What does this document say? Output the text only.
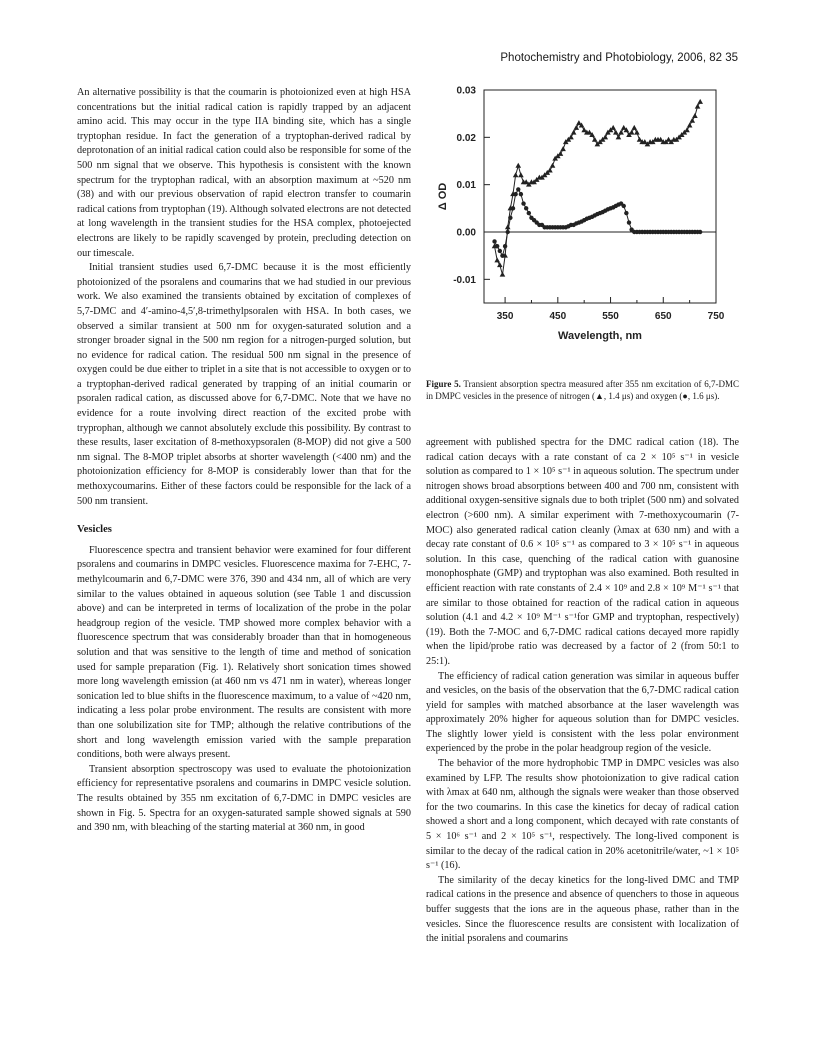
Photochemistry and Photobiology, 2006, 82 35

An alternative possibility is that the coumarin is photoionized even at high HSA concentrations but the initial radical cation is rapidly trapped by an adjacent amino acid. This may occur in the type IIA binding site, which has a single tryptophan residue. In fact the generation of a tryptophan-derived radical by deprotonation of an initial radical cation could also be responsible for some of the 500 nm signal that we observe. This hypothesis is consistent with the known spectrum for the tryptophan radical, with an absorption maximum at ~520 nm (38) and with our previous observation of rapid electron transfer to coumarin radical cations from tryptophan (19). Although solvated electrons are not detected at long wavelength in the transient studies for the HSA complex, photoejected electrons are likely to be rapidly scavenged by protein, precluding detection on our timescale.

Initial transient studies used 6,7-DMC because it is the most efficiently photoionized of the psoralens and coumarins that we had studied in our previous work. We also examined the transients obtained by excitation of complexes of 5,7-DMC and 4′-amino-4,5′,8-trimethylpsoralen with HSA. In both cases, we observed a similar transient at 500 nm for oxygen-saturated solution and a stronger broader signal in the 500 nm region for a nitrogen-purged solution, but no evidence for radical cation. The residual 500 nm signal in the presence of oxygen could be due either to triplet in a site that is not accessible to oxygen or to a tryptophan-derived radical generated by trapping of an initial coumarin or psoralen radical cation, as discussed above for 6,7-DMC. Note that we have no evidence for a route involving direct reaction of the excited probe with tryprophan, although we cannot absolutely exclude this possibility. By contrast to these results, laser excitation of 8-methoxypsoralen (8-MOP) did not give a 500 nm signal. The 8-MOP triplet absorbs at shorter wavelength (<400 nm) and the photoionization efficiency for 8-MOP is considerably lower than that for the methoxycoumarins. Either of these factors could be responsible for the lack of a 500 nm transient.

Vesicles

Fluorescence spectra and transient behavior were examined for four different psoralens and coumarins in DMPC vesicles. Fluorescence maxima for 7-EHC, 7-methylcoumarin and 6,7-DMC were 376, 390 and 434 nm, all of which are very similar to the values obtained in aqueous solution (see Table 1 and discussion above) and can be interpreted in terms of localization of the probe in the polar headgroup region of the vesicle. TMP showed more complex behavior with a fluorescence spectrum that was considerably broader than that in homogeneous solution and that was sensitive to the length of time and method of sonication used for sample preparation (Fig. 1). Relatively short sonication times showed more long wavelength emission (at 460 nm vs 471 nm in water), whereas longer sonication led to blue shifts in the fluorescence maximum, to a value of ~420 nm, indicating a less polar probe environment. The results are consistent with more than one solubilization site for TMP; although the relative contributions of the short and long wavelength emission varied with the sample preparation conditions, both were always present.

Transient absorption spectroscopy was used to evaluate the photoionization efficiency for representative psoralens and coumarins in DMPC vesicle solution. The results obtained by 355 nm excitation of 6,7-DMC in DMPC vesicles are shown in Fig. 5. Spectra for an oxygen-saturated sample showed signals at 590 and 390 nm, with bleaching of the starting material at 360 nm, in good

350	450	550	650	750
0.03
0.02
0.01
0.00
-0.01
Wavelength, nm
Δ OD
Figure 5. Transient absorption spectra measured after 355 nm excitation of 6,7-DMC in DMPC vesicles in the presence of nitrogen (▲, 1.4 μs) and oxygen (●, 1.6 μs).

agreement with published spectra for the DMC radical cation (18). The radical cation decays with a rate constant of ca 2 × 10⁵ s⁻¹ in vesicle solution as compared to 1 × 10⁵ s⁻¹ in aqueous solution. The spectrum under nitrogen shows broad absorptions between 400 and 700 nm, consistent with additional oxygen-sensitive signals due to both triplet (500 nm) and solvated electron (>600 nm). A similar experiment with 7-methoxycoumarin (7-MOC) also generated radical cation cleanly (λmax at 630 nm) and with a decay rate constant of 0.6 × 10⁵ s⁻¹ as compared to 3 × 10⁵ s⁻¹ in aqueous solution. In this case, quenching of the radical cation with guanosine monophosphate (GMP) and tryptophan was also examined. Both resulted in efficient reaction with rate constants of 2.4 × 10⁹ and 2.8 × 10⁹ M⁻¹ s⁻¹ that are similar to those obtained for reaction of the radical cation in aqueous solution (4.1 and 4.2 × 10⁹ M⁻¹ s⁻¹for GMP and tryptophan, respectively) (19). Both the 7-MOC and 6,7-DMC radical cations decayed more rapidly when the lipid/probe ratio was decreased by a factor of 2 (from 50:1 to 25:1).

The efficiency of radical cation generation was similar in aqueous buffer and vesicles, on the basis of the observation that the 6,7-DMC radical cation yield for samples with matched absorbance at the laser wavelength was approximately 20% higher for aqueous solution than for DMPC vesicles. The slightly lower yield is consistent with the less polar environment experienced by the probe in the polar headgroup region of the vesicle.

The behavior of the more hydrophobic TMP in DMPC vesicles was also examined by LFP. The results show photoionization to give radical cation with λmax at 640 nm, although the signals were weaker than those observed for the two coumarins. In this case the kinetics for decay of radical cation showed a short and a long component, which decayed with rate constants of 5 × 10⁶ s⁻¹ and 2 × 10⁵ s⁻¹, respectively. The long-lived component is similar to the decay of the radical cation in 20% acetonitrile/water, ~1 × 10⁵ s⁻¹ (16).

The similarity of the decay kinetics for the long-lived DMC and TMP radical cations in the presence and absence of quenchers to those in aqueous buffer suggests that the ions are in the aqueous phase, rather than in the vesicles. Since the fluorescence results are consistent with localization of the initial psoralens and coumarins
